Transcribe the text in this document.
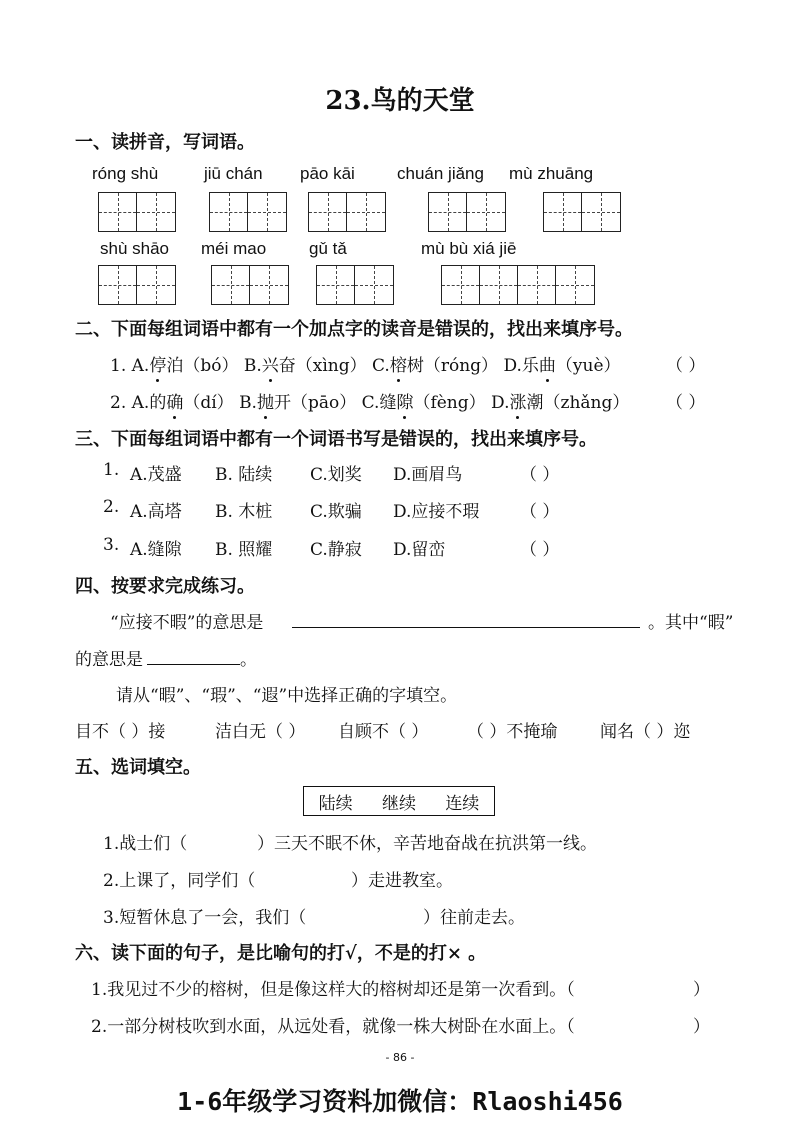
23.鸟的天堂
一、读拼音，写词语。
róng shù	jiū chán pāo kāi chuán jiǎng mù zhuāng
shù shāo méi mao	gǔ tǎ	mù bù xiá jiē
二、下面每组词语中都有一个加点字的读音是错误的，找出来填序号。
1. A.停泊（bó） B.兴奋（xìng） C.榕树（róng） D.乐曲（yuè）	（ ）
2. A.的确（dí） B.抛开（pāo） C.缝隙（fèng） D.涨潮（zhǎng） （ ）
三、下面每组词语中都有一个词语书写是错误的，找出来填序号。
1. A.茂盛 B. 陆续 C.划奖 D.画眉鸟	（ ）
2. A.高塔 B. 木桩 C.欺骗 D.应接不瑕 （ ）
3. A.缝隙 B. 照耀 C.静寂 D.留峦	（ ）
四、按要求完成练习。
“应接不暇”的意思是	。其中“暇”
的意思是	。
请从“暇”、“瑕”、“遐”中选择正确的字填空。
目不（ ）接	洁白无（ ） 自顾不（ ） （ ）不掩瑜	闻名（ ）迩
五、选词填空。
陆续 继续 连续
1.战士们（	）三天不眠不休，辛苦地奋战在抗洪第一线。
2.上课了，同学们（	）走进教室。
3.短暂休息了一会，我们（	）往前走去。
六、读下面的句子，是比喻句的打√，不是的打× 。
1.我见过不少的榕树，但是像这样大的榕树却还是第一次看到。（	）
2.一部分树枝吹到水面，从远处看，就像一株大树卧在水面上。（	）
- 86 -
1-6年级学习资料加微信：Rlaoshi456
